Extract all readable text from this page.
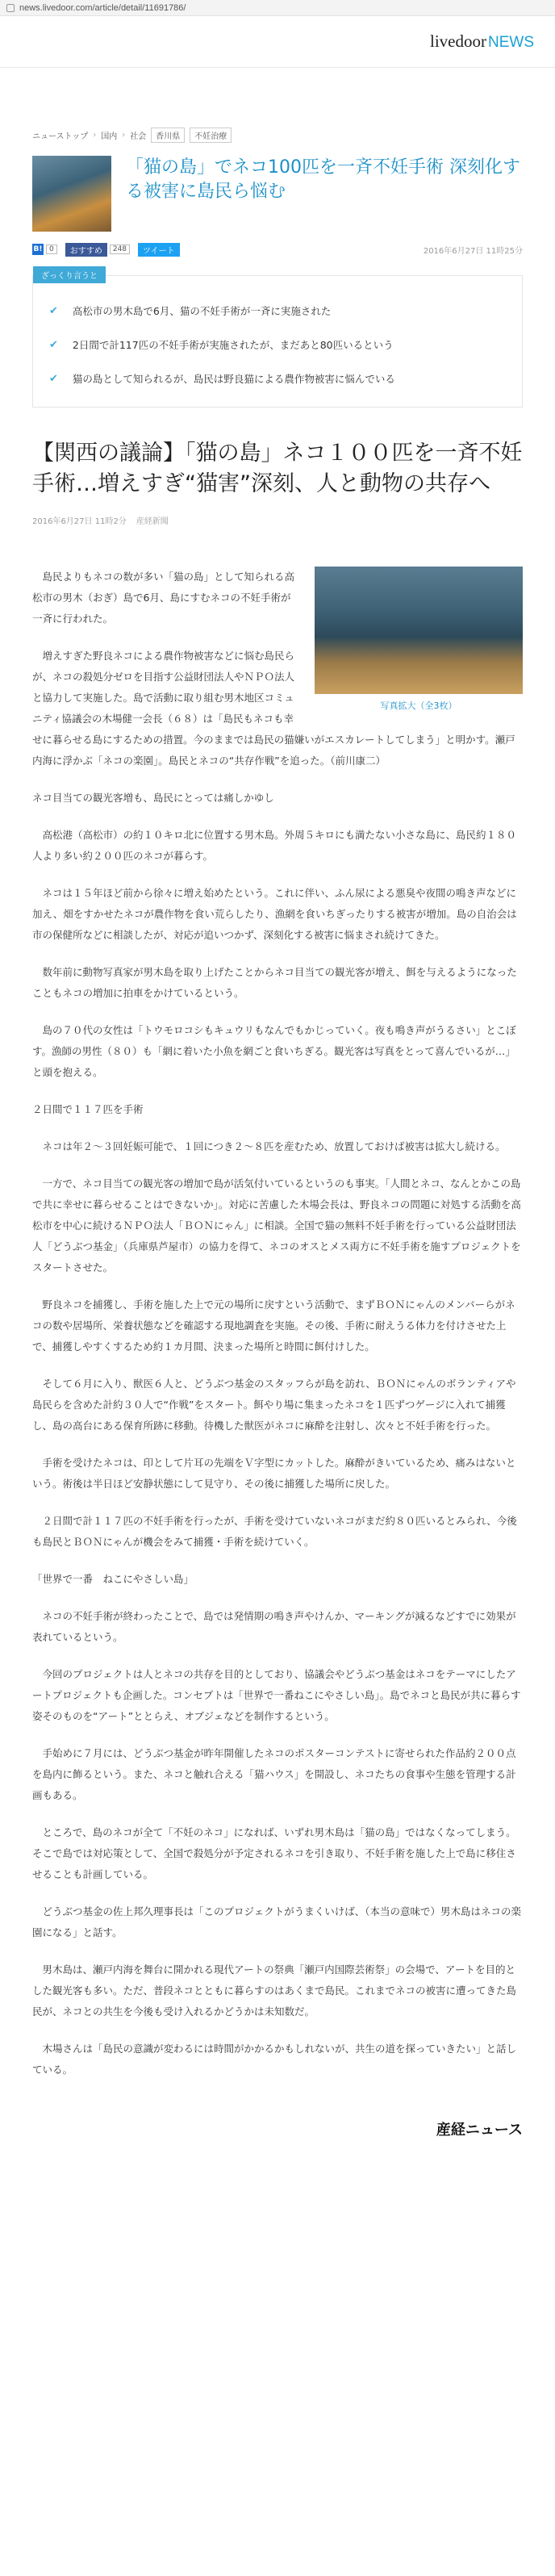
news.livedoor.com/article/detail/11691786/
livedoor NEWS
ニューストップ › 国内 › 社会	香川県	不妊治療
「猫の島」でネコ100匹を一斉不妊手術 深刻化する被害に島民ら悩む
B! 0	おすすめ	248	ツイート	2016年6月27日 11時25分
ざっくり言うと
✔ 高松市の男木島で6月、猫の不妊手術が一斉に実施された
✔ 2日間で計117匹の不妊手術が実施されたが、まだあと80匹いるという
✔ 猫の島として知られるが、島民は野良猫による農作物被害に悩んでいる
【関西の議論】「猫の島」ネコ１００匹を一斉不妊手術…増えすぎ“猫害”深刻、人と動物の共存へ
2016年6月27日 11時2分 産経新聞
写真拡大（全3枚）

島民よりもネコの数が多い「猫の島」として知られる高松市の男木（おぎ）島で6月、島にすむネコの不妊手術が一斉に行われた。

増えすぎた野良ネコによる農作物被害などに悩む島民らが、ネコの殺処分ゼロを目指す公益財団法人やＮＰＯ法人と協力して実施した。島で活動に取り組む男木地区コミュニティ協議会の木場健一会長（６８）は「島民もネコも幸せに暮らせる島にするための措置。今のままでは島民の猫嫌いがエスカレートしてしまう」と明かす。瀬戸内海に浮かぶ「ネコの楽園」。島民とネコの“共存作戦”を追った。（前川康二）

ネコ目当ての観光客増も、島民にとっては痛しかゆし

高松港（高松市）の約１０キロ北に位置する男木島。外周５キロにも満たない小さな島に、島民約１８０人より多い約２００匹のネコが暮らす。

ネコは１５年ほど前から徐々に増え始めたという。これに伴い、ふん尿による悪臭や夜間の鳴き声などに加え、畑をすかせたネコが農作物を食い荒らしたり、漁網を食いちぎったりする被害が増加。島の自治会は市の保健所などに相談したが、対応が追いつかず、深刻化する被害に悩まされ続けてきた。

数年前に動物写真家が男木島を取り上げたことからネコ目当ての観光客が増え、餌を与えるようになったこともネコの増加に拍車をかけているという。

島の７０代の女性は「トウモロコシもキュウリもなんでもかじっていく。夜も鳴き声がうるさい」とこぼす。漁師の男性（８０）も「網に着いた小魚を網ごと食いちぎる。観光客は写真をとって喜んでいるが…」と頭を抱える。

２日間で１１７匹を手術

ネコは年２～３回妊娠可能で、１回につき２～８匹を産むため、放置しておけば被害は拡大し続ける。

一方で、ネコ目当ての観光客の増加で島が活気付いているというのも事実。「人間とネコ、なんとかこの島で共に幸せに暮らせることはできないか」。対応に苦慮した木場会長は、野良ネコの問題に対処する活動を高松市を中心に続けるＮＰＯ法人「ＢＯＮにゃん」に相談。全国で猫の無料不妊手術を行っている公益財団法人「どうぶつ基金」（兵庫県芦屋市）の協力を得て、ネコのオスとメス両方に不妊手術を施すプロジェクトをスタートさせた。

野良ネコを捕獲し、手術を施した上で元の場所に戻すという活動で、まずＢＯＮにゃんのメンバーらがネコの数や居場所、栄養状態などを確認する現地調査を実施。その後、手術に耐えうる体力を付けさせた上で、捕獲しやすくするため約１カ月間、決まった場所と時間に餌付けした。

そして６月に入り、獣医６人と、どうぶつ基金のスタッフらが島を訪れ、ＢＯＮにゃんのボランティアや島民らを含めた計約３０人で“作戦”をスタート。餌やり場に集まったネコを１匹ずつゲージに入れて捕獲し、島の高台にある保育所跡に移動。待機した獣医がネコに麻酔を注射し、次々と不妊手術を行った。

手術を受けたネコは、印として片耳の先端をＶ字型にカットした。麻酔がきいているため、痛みはないという。術後は半日ほど安静状態にして見守り、その後に捕獲した場所に戻した。

２日間で計１１７匹の不妊手術を行ったが、手術を受けていないネコがまだ約８０匹いるとみられ、今後も島民とＢＯＮにゃんが機会をみて捕獲・手術を続けていく。

「世界で一番　ねこにやさしい島」

ネコの不妊手術が終わったことで、島では発情期の鳴き声やけんか、マーキングが減るなどすでに効果が表れているという。

今回のプロジェクトは人とネコの共存を目的としており、協議会やどうぶつ基金はネコをテーマにしたアートプロジェクトも企画した。コンセプトは「世界で一番ねこにやさしい島」。島でネコと島民が共に暮らす姿そのものを“アート”ととらえ、オブジェなどを制作するという。

手始めに７月には、どうぶつ基金が昨年開催したネコのポスターコンテストに寄せられた作品約２００点を島内に飾るという。また、ネコと触れ合える「猫ハウス」を開設し、ネコたちの食事や生態を管理する計画もある。

ところで、島のネコが全て「不妊のネコ」になれば、いずれ男木島は「猫の島」ではなくなってしまう。そこで島では対応策として、全国で殺処分が予定されるネコを引き取り、不妊手術を施した上で島に移住させることも計画している。

どうぶつ基金の佐上邦久理事長は「このプロジェクトがうまくいけば、（本当の意味で）男木島はネコの楽園になる」と話す。

男木島は、瀬戸内海を舞台に開かれる現代アートの祭典「瀬戸内国際芸術祭」の会場で、アートを目的とした観光客も多い。ただ、普段ネコとともに暮らすのはあくまで島民。これまでネコの被害に遭ってきた島民が、ネコとの共生を今後も受け入れるかどうかは未知数だ。

木場さんは「島民の意識が変わるには時間がかかるかもしれないが、共生の道を探っていきたい」と話している。

産経ニュース
